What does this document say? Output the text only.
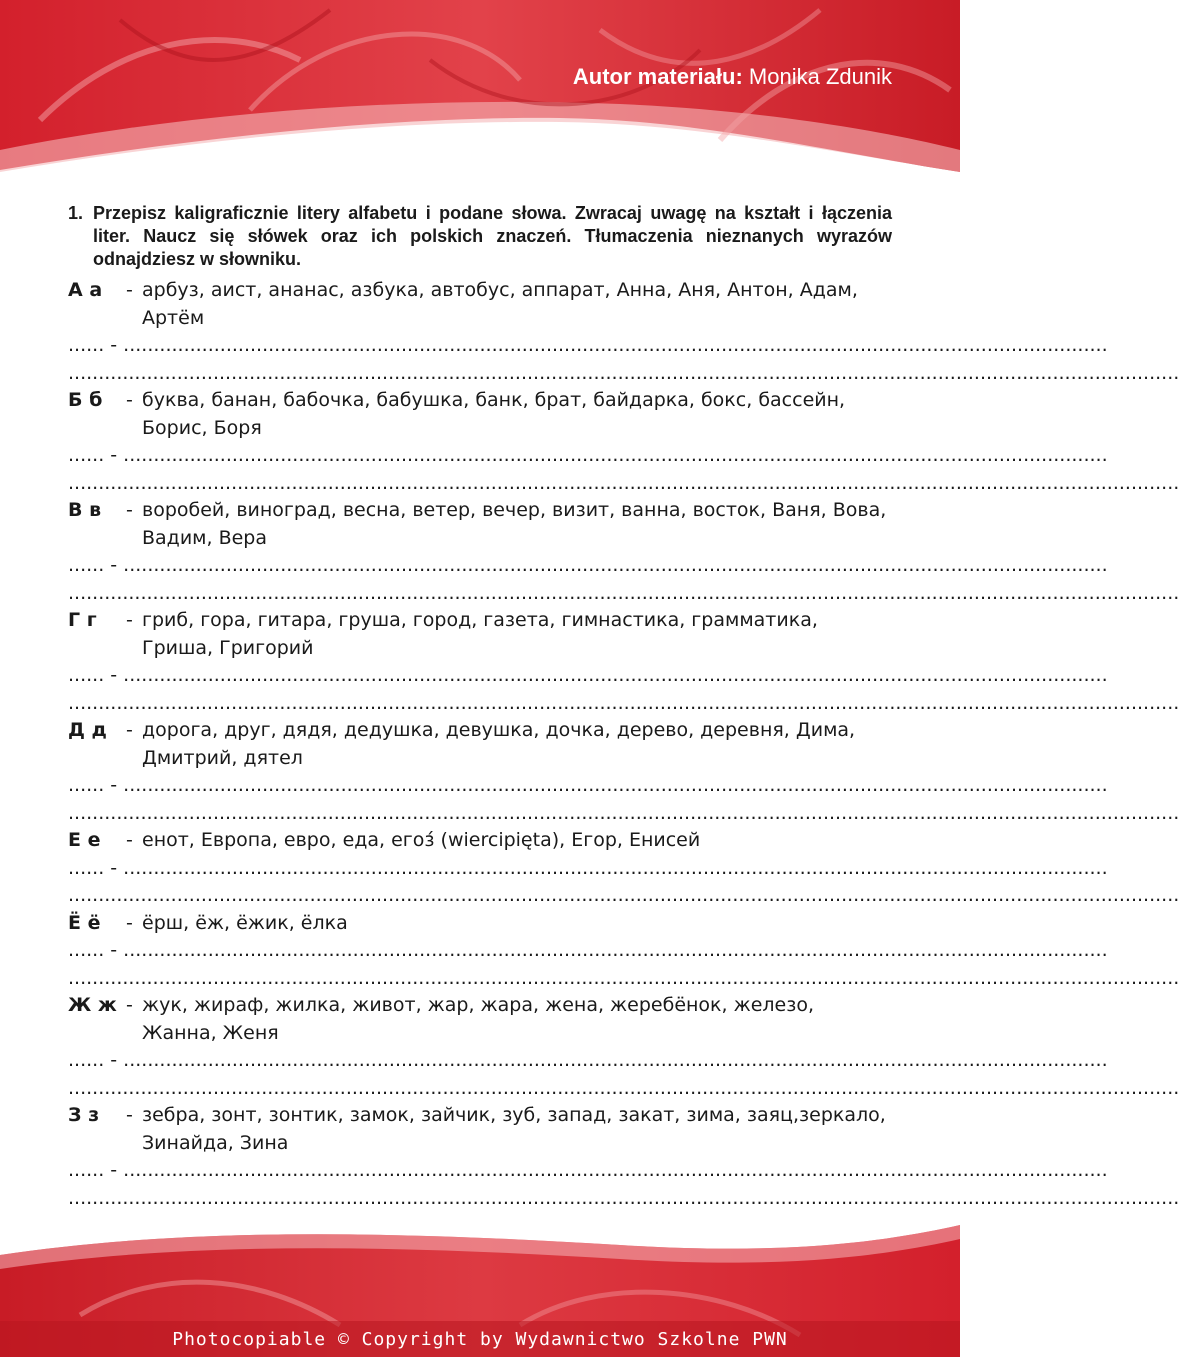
Autor materiału: Monika Zdunik
1. Przepisz kaligraficznie litery alfabetu i podane słowa. Zwracaj uwagę na kształt i łączenia liter. Naucz się słówek oraz ich polskich znaczeń. Tłumaczenia nieznanych wyrazów odnajdziesz w słowniku.
А а	- арбуз, аист, ананас, азбука, автобус, аппарат, Анна, Аня, Антон, Адам, Артём
...... - ...................................................................................................................................................................
........................................................................................................................................................................................
Б б	- буква, банан, бабочка, бабушка, банк, брат, байдарка, бокс, бассейн, Борис, Боря
...... - ...................................................................................................................................................................
........................................................................................................................................................................................
В в	- воробей, виноград, весна, ветер, вечер, визит, ванна, восток, Ваня, Вова, Вадим, Вера
...... - ...................................................................................................................................................................
........................................................................................................................................................................................
Г г	- гриб, гора, гитара, груша, город, газета, гимнастика, грамматика, Гриша, Григорий
...... - ...................................................................................................................................................................
........................................................................................................................................................................................
Д д	- дорога, друг, дядя, дедушка, девушка, дочка, дерево, деревня, Дима, Дмитрий, дятел
...... - ...................................................................................................................................................................
........................................................................................................................................................................................
Е е	- енот, Европа, евро, еда, егоз́ (wiercipięta), Егор, Енисей
...... - ...................................................................................................................................................................
........................................................................................................................................................................................
Ё ё	- ёрш, ёж, ёжик, ёлка
...... - ...................................................................................................................................................................
........................................................................................................................................................................................
Ж ж - жук, жираф, жилка, живот, жар, жара, жена, жеребёнок, железо, Жанна, Женя
...... - ...................................................................................................................................................................
........................................................................................................................................................................................
З з	- зебра, зонт, зонтик, замок, зайчик, зуб, запад, закат, зима, заяц,зеркало, Зинайда, Зина
...... - ...................................................................................................................................................................
........................................................................................................................................................................................
Photocopiable © Copyright by Wydawnictwo Szkolne PWN
